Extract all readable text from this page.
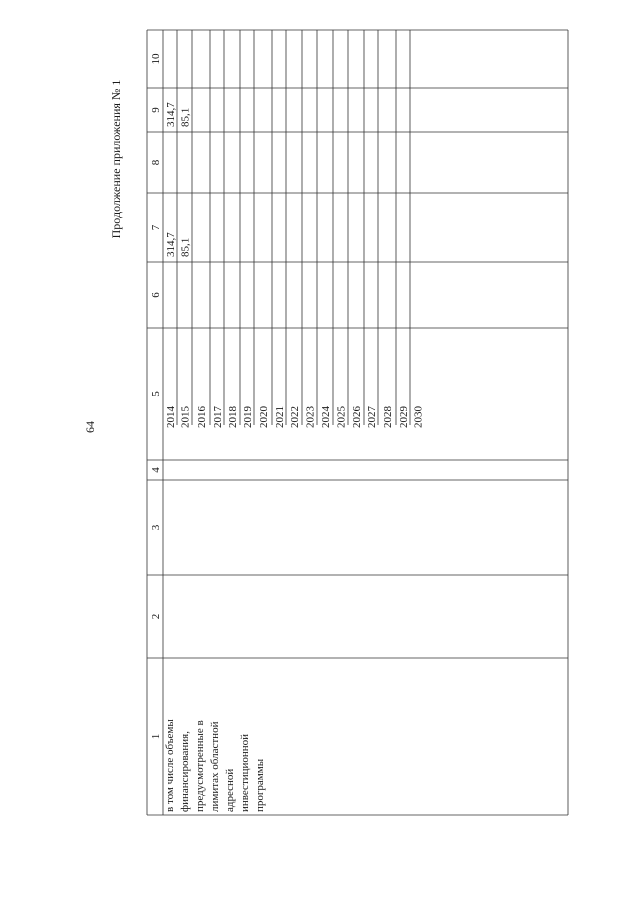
64
Продолжение приложения № 1
1
2
3
4
5
6
7
8
9
10
в том числе объемы финансирования, предусмотренные в лимитах областной адресной инвестиционной программы
2014 2015 2016 2017 2018 2019 2020 2021 2022 2023 2024 2025 2026 2027 2028 2029 2030
314,7 85,1
314,7 85,1
